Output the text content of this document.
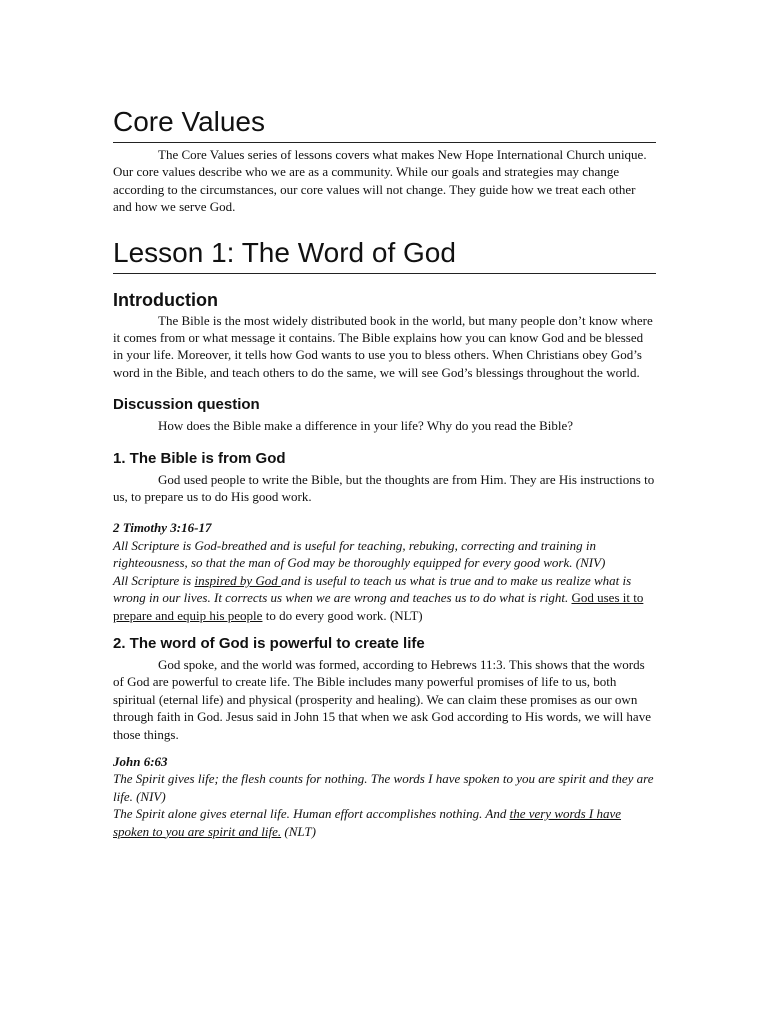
Core Values

The Core Values series of lessons covers what makes New Hope International Church unique. Our core values describe who we are as a community. While our goals and strategies may change according to the circumstances, our core values will not change. They guide how we treat each other and how we serve God.

Lesson 1: The Word of God
Introduction

The Bible is the most widely distributed book in the world, but many people don’t know where it comes from or what message it contains. The Bible explains how you can know God and be blessed in your life. Moreover, it tells how God wants to use you to bless others. When Christians obey God’s word in the Bible, and teach others to do the same, we will see God’s blessings throughout the world.

Discussion question

How does the Bible make a difference in your life? Why do you read the Bible?

1. The Bible is from God

God used people to write the Bible, but the thoughts are from Him. They are His instructions to us, to prepare us to do His good work.

2 Timothy 3:16-17

All Scripture is God-breathed and is useful for teaching, rebuking, correcting and training in righteousness, so that the man of God may be thoroughly equipped for every good work. (NIV)

All Scripture is inspired by God and is useful to teach us what is true and to make us realize what is wrong in our lives. It corrects us when we are wrong and teaches us to do what is right. God uses it to prepare and equip his people to do every good work. (NLT)

2. The word of God is powerful to create life

God spoke, and the world was formed, according to Hebrews 11:3. This shows that the words of God are powerful to create life. The Bible includes many powerful promises of life to us, both spiritual (eternal life) and physical (prosperity and healing). We can claim these promises as our own through faith in God. Jesus said in John 15 that when we ask God according to His words, we will have those things.

John 6:63

The Spirit gives life; the flesh counts for nothing. The words I have spoken to you are spirit and they are life. (NIV)

The Spirit alone gives eternal life. Human effort accomplishes nothing. And the very words I have spoken to you are spirit and life. (NLT)
